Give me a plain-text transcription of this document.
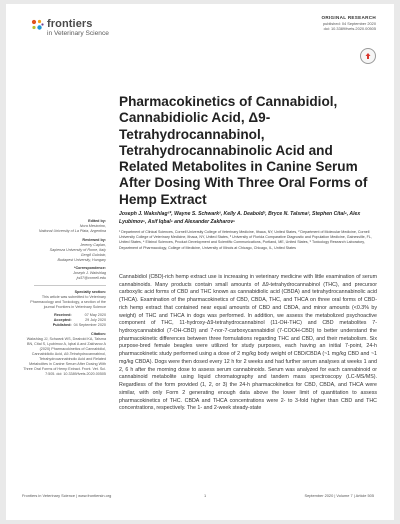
frontiers
in Veterinary Science
ORIGINAL RESEARCH
published: 04 September 2020
doi: 10.3389/fvets.2020.00505
Pharmacokinetics of Cannabidiol, Cannabidiolic Acid, Δ9-Tetrahydrocannabinol, Tetrahydrocannabinolic Acid and Related Metabolites in Canine Serum After Dosing With Three Oral Forms of Hemp Extract
Joseph J. Wakshlag¹*, Wayne S. Schwark², Kelly A. Deabold³, Bryce N. Talsma³, Stephen Cital⁴, Alex Lyubimov⁵, Asif Iqbal⁵ and Alexander Zakharov⁵
¹ Department of Clinical Sciences, Cornell University College of Veterinary Medicine, Ithaca, NY, United States, ² Department of Molecular Medicine, Cornell University College of Veterinary Medicine, Ithaca, NY, United States, ³ University of Florida Comparative Diagnostic and Population Medicine, Gainesville, FL, United States, ⁴ Elixinol Sciences, Product Development and Scientific Communications, Portland, ME, United States, ⁵ Toxicology Research Laboratory, Department of Pharmacology, College of Medicine, University of Illinois at Chicago, Chicago, IL, United States
Edited by:
Nora Mestorino,
National University of La Plata, Argentina
Reviewed by:
Jeremy Caplan,
Sapienza University of Rome, Italy
Gergő Gulobár,
Budapest University, Hungary
*Correspondence:
Joseph J. Wakshlag
jw37@cornell.edu
Specialty section:
This article was submitted to Veterinary Pharmacology and Toxicology, a section of the journal Frontiers in Veterinary Science
Received:	07 May 2020
Accepted:	29 July 2020
Published: 04 September 2020
Citation:
Wakshlag JJ, Schwark WS, Deabold KA, Talsma BN, Cital S, Lyubimov A, Iqbal A and Zakharov A (2020) Pharmacokinetics of Cannabidiol, Cannabidiolic Acid, Δ9-Tetrahydrocannabinol, Tetrahydrocannabinolic Acid and Related Metabolites in Canine Serum After Dosing With Three Oral Forms of Hemp Extract. Front. Vet. Sci. 7:505. doi: 10.3389/fvets.2020.00505

Cannabidiol (CBD)-rich hemp extract use is increasing in veterinary medicine with little examination of serum cannabinoids. Many products contain small amounts of Δ9-tetrahydrocannabinol (THC), and precursor carboxylic acid forms of CBD and THC known as cannabidiolic acid (CBDA) and tetrahydrocannabinolic acid (THCA). Examination of the pharmacokinetics of CBD, CBDA, THC, and THCA on three oral forms of CBD-rich hemp extract that contained near equal amounts of CBD and CBDA, and minor amounts (<0.3% by weight) of THC and THCA in dogs was performed. In addition, we assess the metabolized psychoactive component of THC, 11-hydroxy-Δ9-tetrahydrocannabinol (11-OH-THC) and CBD metabolites 7-hydroxycannabidiol (7-OH-CBD) and 7-nor-7-carboxycannabidiol (7-COOH-CBD) to better understand the pharmacokinetic differences between three formulations regarding THC and CBD, and their metabolism. Six purpose-bred female beagles were utilized for study purposes, each having an initial 7-point, 24-h pharmacokinetic study performed using a dose of 2 mg/kg body weight of CBD/CBDA (~1 mg/kg CBD and ~1 mg/kg CBDA). Dogs were then dosed every 12 h for 2 weeks and had further serum analyses at weeks 1 and 2, 6 h after the morning dose to assess serum cannabinoids. Serum was analyzed for each cannabinoid or cannabinoid metabolite using liquid chromatography and tandem mass spectroscopy (LC-MS/MS). Regardless of the form provided (1, 2, or 3) the 24-h pharmacokinetics for CBD, CBDA, and THCA were similar, with only Form 2 generating enough data above the lower limit of quantitation to assess pharmacokinetics of THC. CBDA and THCA concentrations were 2- to 3-fold higher than CBD and THC concentrations, respectively. The 1- and 2-week steady-state

Frontiers in Veterinary Science | www.frontiersin.org	1	September 2020 | Volume 7 | Article 505
